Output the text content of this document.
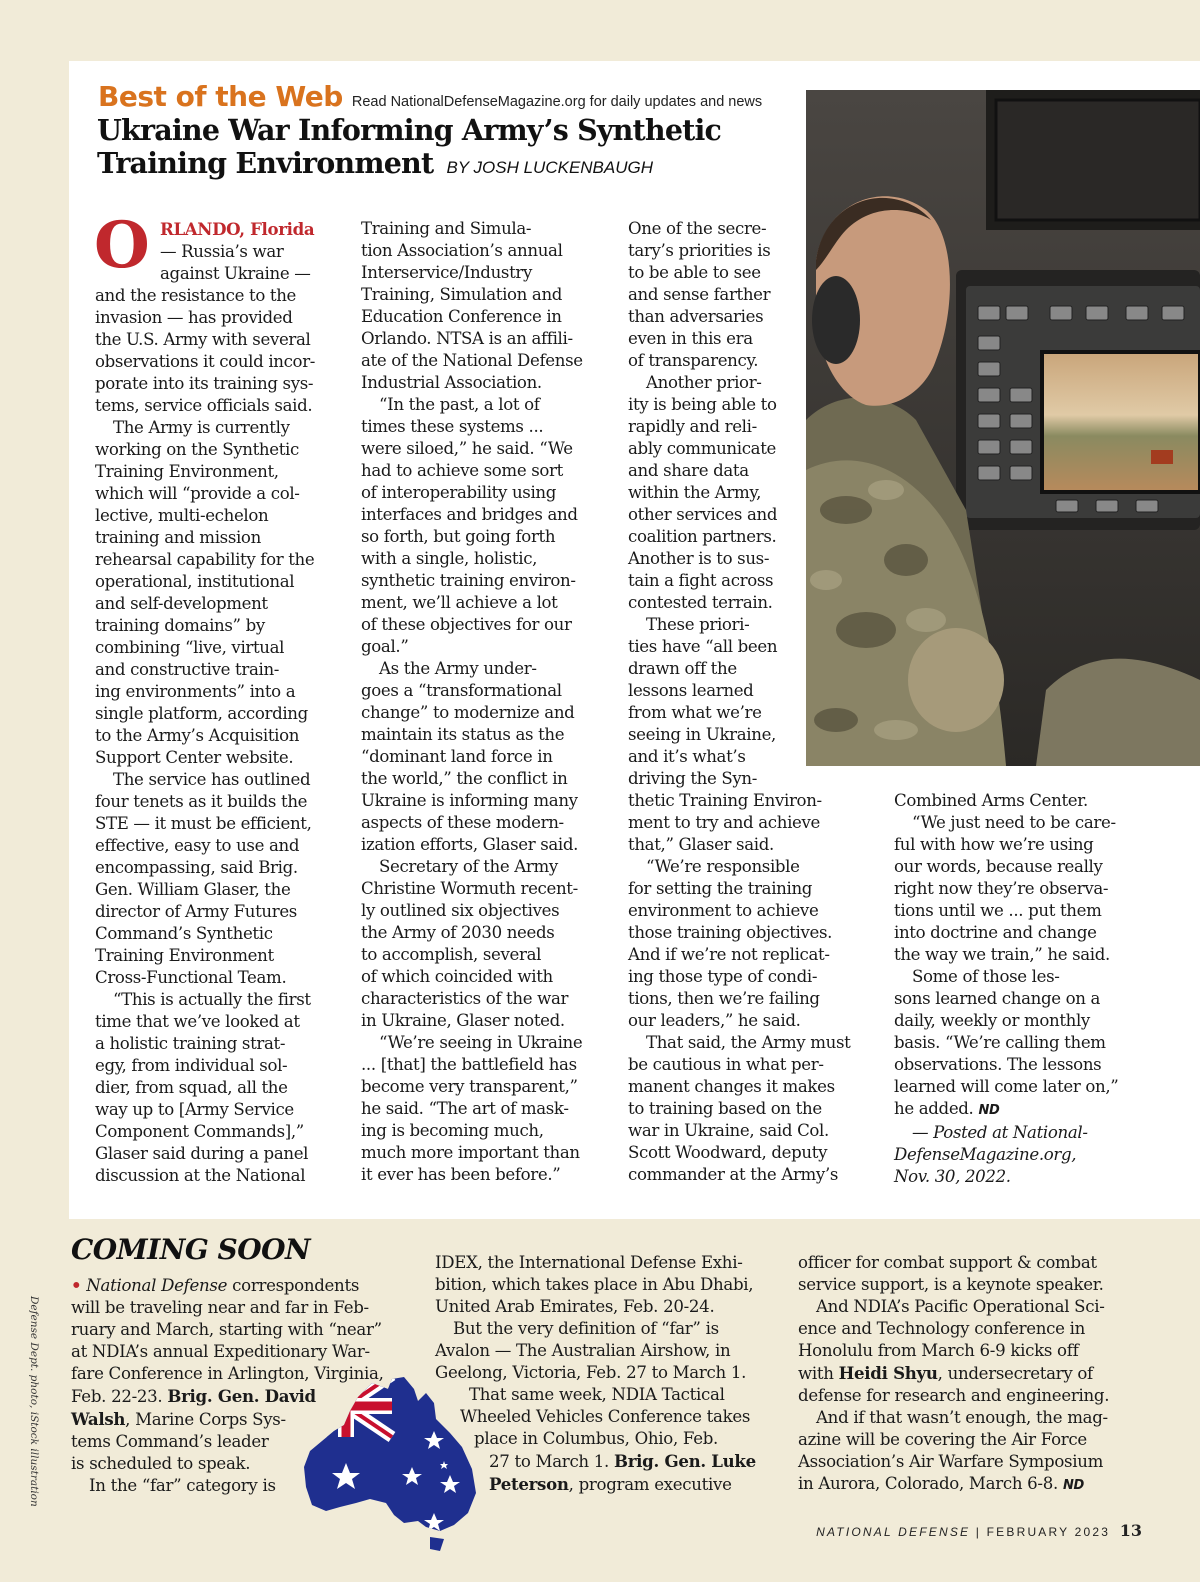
Best of the Web Read NationalDefenseMagazine.org for daily updates and news
Ukraine War Informing Army’s Synthetic
Training Environment BY JOSH LUCKENBAUGH
O RLANDO, Florida
— Russia’s war
against Ukraine —
and the resistance to the
invasion — has provided
the U.S. Army with several
observations it could incor-
porate into its training sys-
tems, service officials said.
The Army is currently
working on the Synthetic
Training Environment,
which will “provide a col-
lective, multi-echelon
training and mission
rehearsal capability for the
operational, institutional
and self-development
training domains” by
combining “live, virtual
and constructive train-
ing environments” into a
single platform, according
to the Army’s Acquisition
Support Center website.
The service has outlined
four tenets as it builds the
STE — it must be efficient,
effective, easy to use and
encompassing, said Brig.
Gen. William Glaser, the
director of Army Futures
Command’s Synthetic
Training Environment
Cross-Functional Team.
“This is actually the first
time that we’ve looked at
a holistic training strat-
egy, from individual sol-
dier, from squad, all the
way up to [Army Service
Component Commands],”
Glaser said during a panel
discussion at the National
Training and Simula-
tion Association’s annual
Interservice/Industry
Training, Simulation and
Education Conference in
Orlando. NTSA is an affili-
ate of the National Defense
Industrial Association.
“In the past, a lot of
times these systems ...
were siloed,” he said. “We
had to achieve some sort
of interoperability using
interfaces and bridges and
so forth, but going forth
with a single, holistic,
synthetic training environ-
ment, we’ll achieve a lot
of these objectives for our
goal.”
As the Army under-
goes a “transformational
change” to modernize and
maintain its status as the
“dominant land force in
the world,” the conflict in
Ukraine is informing many
aspects of these modern-
ization efforts, Glaser said.
Secretary of the Army
Christine Wormuth recent-
ly outlined six objectives
the Army of 2030 needs
to accomplish, several
of which coincided with
characteristics of the war
in Ukraine, Glaser noted.
“We’re seeing in Ukraine
... [that] the battlefield has
become very transparent,”
he said. “The art of mask-
ing is becoming much,
much more important than
it ever has been before.”
One of the secre-
tary’s priorities is
to be able to see
and sense farther
than adversaries
even in this era
of transparency.
Another prior-
ity is being able to
rapidly and reli-
ably communicate
and share data
within the Army,
other services and
coalition partners.
Another is to sus-
tain a fight across
contested terrain.
These priori-
ties have “all been
drawn off the
lessons learned
from what we’re
seeing in Ukraine,
and it’s what’s
driving the Syn-
thetic Training Environ-
ment to try and achieve
that,” Glaser said.
“We’re responsible
for setting the training
environment to achieve
those training objectives.
And if we’re not replicat-
ing those type of condi-
tions, then we’re failing
our leaders,” he said.
That said, the Army must
be cautious in what per-
manent changes it makes
to training based on the
war in Ukraine, said Col.
Scott Woodward, deputy
commander at the Army’s
Combined Arms Center.
“We just need to be care-
ful with how we’re using
our words, because really
right now they’re observa-
tions until we ... put them
into doctrine and change
the way we train,” he said.
Some of those les-
sons learned change on a
daily, weekly or monthly
basis. “We’re calling them
observations. The lessons
learned will come later on,”
he added. ND
— Posted at National-
DefenseMagazine.org,
Nov. 30, 2022.
COMING SOON
• National Defense correspondents
will be traveling near and far in Feb-
ruary and March, starting with “near”
at NDIA’s annual Expeditionary War-
fare Conference in Arlington, Virginia,
Feb. 22-23. Brig. Gen. David
Walsh, Marine Corps Sys-
tems Command’s leader
is scheduled to speak.
In the “far” category is
IDEX, the International Defense Exhi-
bition, which takes place in Abu Dhabi,
United Arab Emirates, Feb. 20-24.
But the very definition of “far” is
Avalon — The Australian Airshow, in
Geelong, Victoria, Feb. 27 to March 1.
That same week, NDIA Tactical
Wheeled Vehicles Conference takes
place in Columbus, Ohio, Feb.
27 to March 1. Brig. Gen. Luke
Peterson, program executive
officer for combat support & combat
service support, is a keynote speaker.
And NDIA’s Pacific Operational Sci-
ence and Technology conference in
Honolulu from March 6-9 kicks off
with Heidi Shyu, undersecretary of
defense for research and engineering.
And if that wasn’t enough, the mag-
azine will be covering the Air Force
Association’s Air Warfare Symposium
in Aurora, Colorado, March 6-8. ND
Defense Dept. photo, iStock illustration
NATIONAL DEFENSE | FEBRUARY 2023 13
